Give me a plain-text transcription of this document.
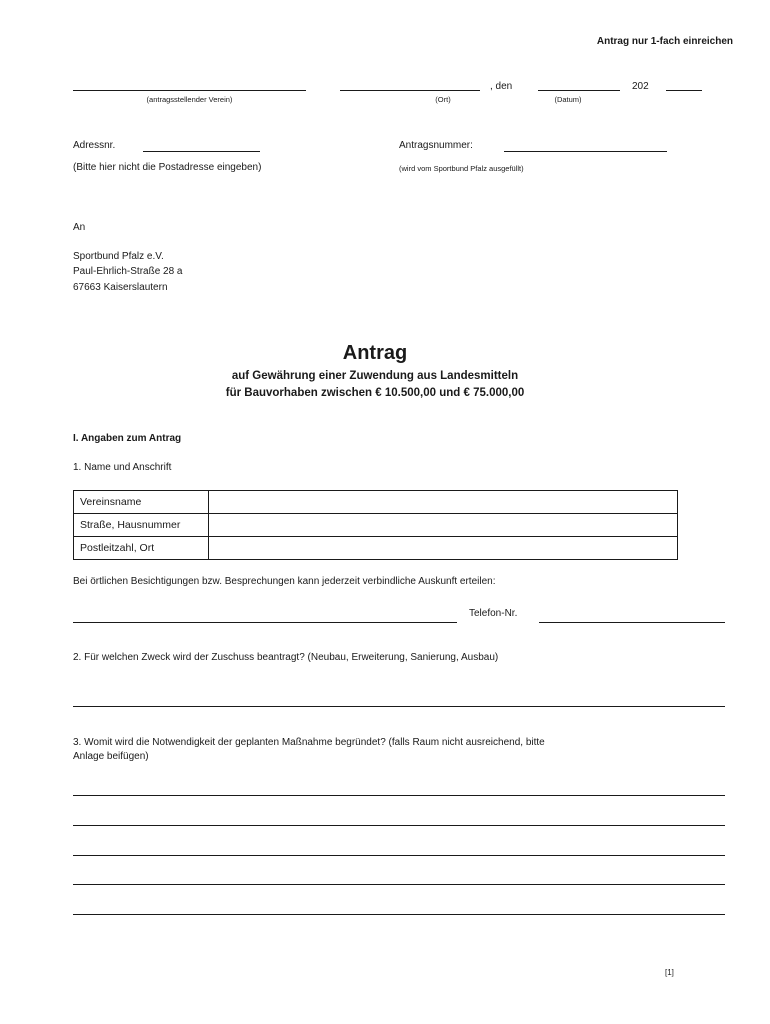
Antrag nur 1-fach einreichen
(antragsstellender Verein)	(Ort)
, den
(Datum)
202
Adressnr.
(Bitte hier nicht die Postadresse eingeben)
Antragsnummer:
(wird vom Sportbund Pfalz ausgefüllt)
An
Sportbund Pfalz e.V.
Paul-Ehrlich-Straße 28 a
67663 Kaiserslautern
Antrag
auf Gewährung einer Zuwendung aus Landesmitteln
für Bauvorhaben zwischen € 10.500,00 und € 75.000,00
I. Angaben zum Antrag
1. Name und Anschrift
Vereinsname	
Straße, Hausnummer	
Postleitzahl, Ort	
Bei örtlichen Besichtigungen bzw. Besprechungen kann jederzeit verbindliche Auskunft erteilen:
Telefon-Nr.
2. Für welchen Zweck wird der Zuschuss beantragt? (Neubau, Erweiterung, Sanierung, Ausbau)
3. Womit wird die Notwendigkeit der geplanten Maßnahme begründet? (falls Raum nicht ausreichend, bitte
Anlage beifügen)
[1]
